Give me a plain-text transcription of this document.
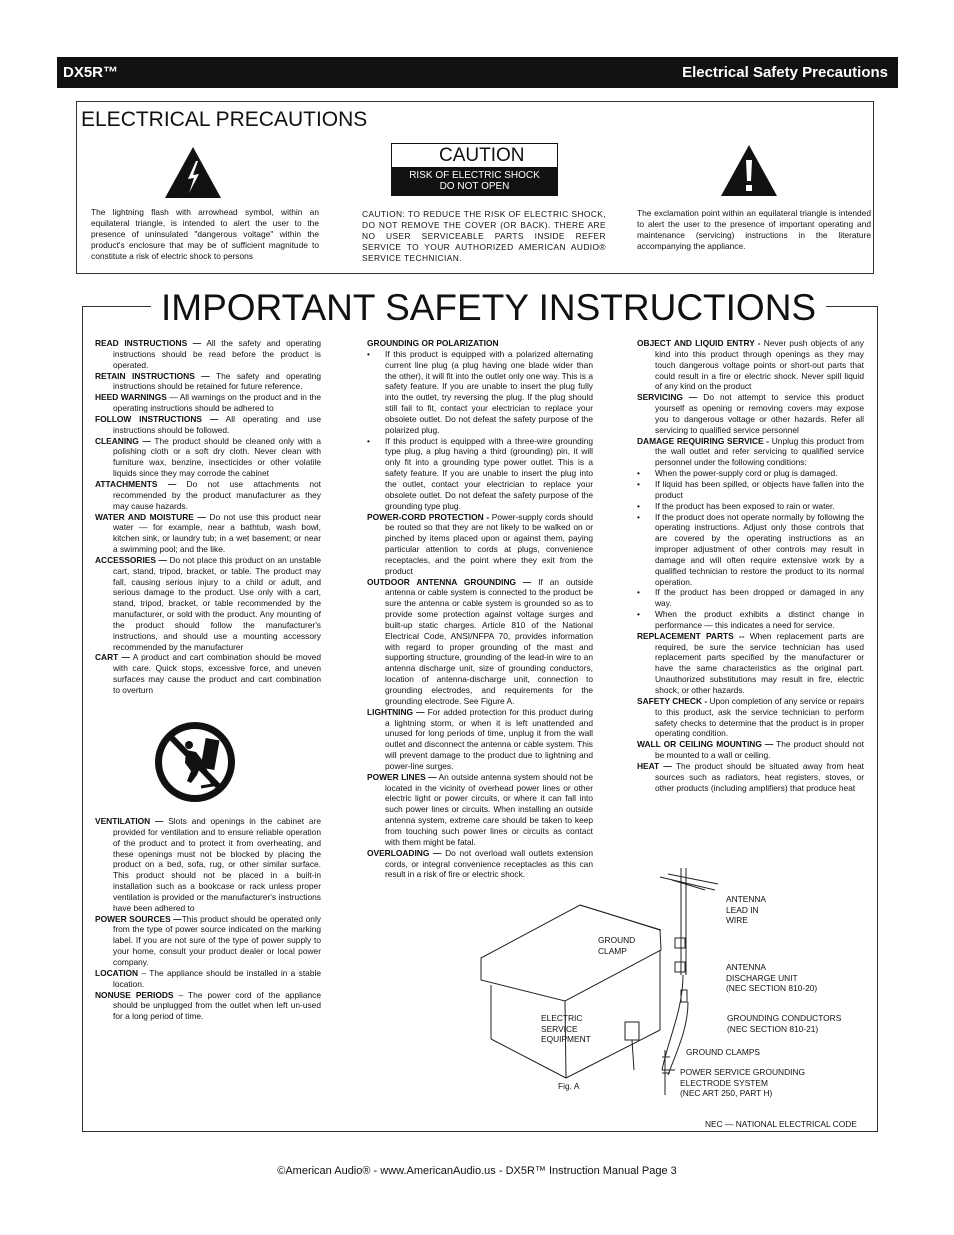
DX5R™	Electrical Safety Precautions
ELECTRICAL PRECAUTIONS
CAUTION
RISK OF ELECTRIC SHOCK
DO NOT OPEN
The lightning flash with arrowhead symbol, within an equilateral triangle, is intended to alert the user to the presence of uninsulated "dangerous voltage" within the product's enclosure that may be of sufficient magnitude to constitute a risk of electric shock to persons
CAUTION: TO REDUCE THE RISK OF ELECTRIC SHOCK, DO NOT REMOVE THE COVER (OR BACK). THERE ARE NO USER SERVICEABLE PARTS INSIDE REFER SERVICE TO YOUR AUTHORIZED AMERICAN AUDIO® SERVICE TECHNICIAN.
The exclamation point within an equilateral triangle is intended to alert the user to the presence of important operating and maintenance (servicing) instructions in the literature accompanying the appliance.
IMPORTANT SAFETY INSTRUCTIONS

READ INSTRUCTIONS — All the safety and operating instructions should be read before the product is operated.

RETAIN INSTRUCTIONS — The safety and operating instructions should be retained for future reference.

HEED WARNINGS — All warnings on the product and in the operating instructions should be adhered to

FOLLOW INSTRUCTIONS — All operating and use instructions should be followed.

CLEANING — The product should be cleaned only with a polishing cloth or a soft dry cloth. Never clean with furniture wax, benzine, insecticides or other volatile liquids since they may corrode the cabinet

ATTACHMENTS — Do not use attachments not recommended by the product manufacturer as they may cause hazards.

WATER AND MOISTURE — Do not use this product near water — for example, near a bathtub, wash bowl, kitchen sink, or laundry tub; in a wet basement; or near a swimming pool; and the like.

ACCESSORIES — Do not place this product on an unstable cart, stand, tripod, bracket, or table. The product may fall, causing serious injury to a child or adult, and serious damage to the product. Use only with a cart, stand, tripod, bracket, or table recommended by the manufacturer, or sold with the product. Any mounting of the product should follow the manufacturer's instructions, and should use a mounting accessory recommended by the manufacturer

CART — A product and cart combination should be moved with care. Quick stops, excessive force, and uneven surfaces may cause the product and cart combination to overturn

VENTILATION — Slots and openings in the cabinet are provided for ventilation and to ensure reliable operation of the product and to protect it from overheating, and these openings must not be blocked by placing the product on a bed, sofa, rug, or other similar surface. This product should not be placed in a built-in installation such as a bookcase or rack unless proper ventilation is provided or the manufacturer's instructions have been adhered to

POWER SOURCES —This product should be operated only from the type of power source indicated on the marking label. If you are not sure of the type of power supply to your home, consult your product dealer or local power company.

LOCATION – The appliance should be installed in a stable location.

NONUSE PERIODS – The power cord of the appliance should be unplugged from the outlet when left un-used for a long period of time.

GROUNDING OR POLARIZATION

• If this product is equipped with a polarized alternating current line plug (a plug having one blade wider than the other), it will fit into the outlet only one way. This is a safety feature. If you are unable to insert the plug fully into the outlet, try reversing the plug. If the plug should still fail to fit, contact your electrician to replace your obsolete outlet. Do not defeat the safety purpose of the polarized plug.

• If this product is equipped with a three-wire grounding type plug, a plug having a third (grounding) pin, it will only fit into a grounding type power outlet. This is a safety feature. If you are unable to insert the plug into the outlet, contact your electrician to replace your obsolete outlet. Do not defeat the safety purpose of the grounding type plug.

POWER-CORD PROTECTION - Power-supply cords should be routed so that they are not likely to be walked on or pinched by items placed upon or against them, paying particular attention to cords at plugs, convenience receptacles, and the point where they exit from the product

OUTDOOR ANTENNA GROUNDING — If an outside antenna or cable system is connected to the product be sure the antenna or cable system is grounded so as to provide some protection against voltage surges and built-up static charges. Article 810 of the National Electrical Code, ANSI/NFPA 70, provides information with regard to proper grounding of the mast and supporting structure, grounding of the lead-in wire to an antenna discharge unit, size of grounding conductors, location of antenna-discharge unit, connection to grounding electrodes, and requirements for the grounding electrode. See Figure A.

LIGHTNING — For added protection for this product during a lightning storm, or when it is left unattended and unused for long periods of time, unplug it from the wall outlet and disconnect the antenna or cable system. This will prevent damage to the product due to lightning and power-line surges.

POWER LINES — An outside antenna system should not be located in the vicinity of overhead power lines or other electric light or power circuits, or where it can fall into such power lines or circuits. When installing an outside antenna system, extreme care should be taken to keep from touching such power lines or circuits as contact with them might be fatal.

OVERLOADING — Do not overload wall outlets extension cords, or integral convenience receptacles as this can result in a risk of fire or electric shock.

OBJECT AND LIQUID ENTRY - Never push objects of any kind into this product through openings as they may touch dangerous voltage points or short-out parts that could result in a fire or electric shock. Never spill liquid of any kind on the product

SERVICING — Do not attempt to service this product yourself as opening or removing covers may expose you to dangerous voltage or other hazards. Refer all servicing to qualified service personnel

DAMAGE REQUIRING SERVICE - Unplug this product from the wall outlet and refer servicing to qualified service personnel under the following conditions:

• When the power-supply cord or plug is damaged.

• If liquid has been spilled, or objects have fallen into the product

• If the product has been exposed to rain or water.

• If the product does not operate normally by following the operating instructions. Adjust only those controls that are covered by the operating instructions as an improper adjustment of other controls may result in damage and will often require extensive work by a qualified technician to restore the product to its normal operation.

• If the product has been dropped or damaged in any way.

• When the product exhibits a distinct change in performance — this indicates a need for service.

REPLACEMENT PARTS -- When replacement parts are required, be sure the service technician has used replacement parts specified by the manufacturer or have the same characteristics as the original part. Unauthorized substitutions may result in fire, electric shock, or other hazards.

SAFETY CHECK - Upon completion of any service or repairs to this product, ask the service technician to perform safety checks to determine that the product is in proper operating condition.

WALL OR CEILING MOUNTING — The product should not be mounted to a wall or ceiling.

HEAT — The product should be situated away from heat sources such as radiators, heat registers, stoves, or other products (including amplifiers) that produce heat

ANTENNA
LEAD IN
WIRE
GROUND
CLAMP
ANTENNA
DISCHARGE UNIT
(NEC SECTION 810-20)
ELECTRIC
SERVICE
EQUIPMENT
GROUNDING CONDUCTORS
(NEC SECTION 810-21)
GROUND CLAMPS
POWER SERVICE GROUNDING
ELECTRODE SYSTEM
(NEC ART 250, PART H)
Fig. A
NEC — NATIONAL ELECTRICAL CODE
©American Audio® - www.AmericanAudio.us - DX5R™ Instruction Manual Page 3
